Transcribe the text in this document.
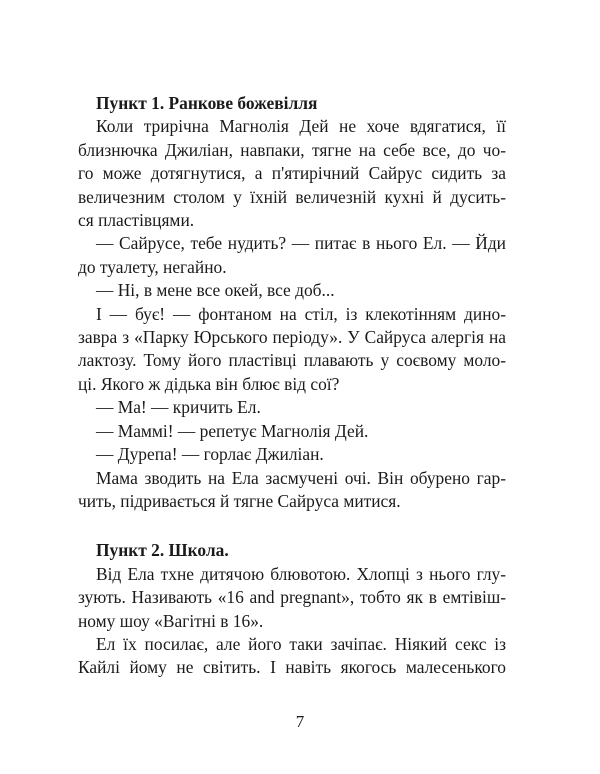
Пункт 1. Ранкове божевілля
Коли трирічна Магнолія Дей не хоче вдягатися, її
близнючка Джиліан, навпаки, тягне на себе все, до чо-
го може дотягнутися, а п'ятирічний Сайрус сидить за
величезним столом у їхній величезній кухні й дусить-
ся пластівцями.
— Сайрусе, тебе нудить? — питає в нього Ел. — Йди
до туалету, негайно.
— Ні, в мене все окей, все доб...
І — бує! — фонтаном на стіл, із клекотінням дино-
завра з «Парку Юрського періоду». У Сайруса алергія на
лактозу. Тому його пластівці плавають у соєвому моло-
ці. Якого ж дідька він блює від сої?
— Ма! — кричить Ел.
— Маммі! — репетує Магнолія Дей.
— Дурепа! — горлає Джиліан.
Мама зводить на Ела засмучені очі. Він обурено гар-
чить, підривається й тягне Сайруса митися.
Пункт 2. Школа.
Від Ела тхне дитячою блювотою. Хлопці з нього глу-
зують. Називають «16 and pregnant», тобто як в емтівіш-
ному шоу «Вагітні в 16».
Ел їх посилає, але його таки зачіпає. Ніякий секс із
Кайлі йому не світить. І навіть якогось малесенького
7
